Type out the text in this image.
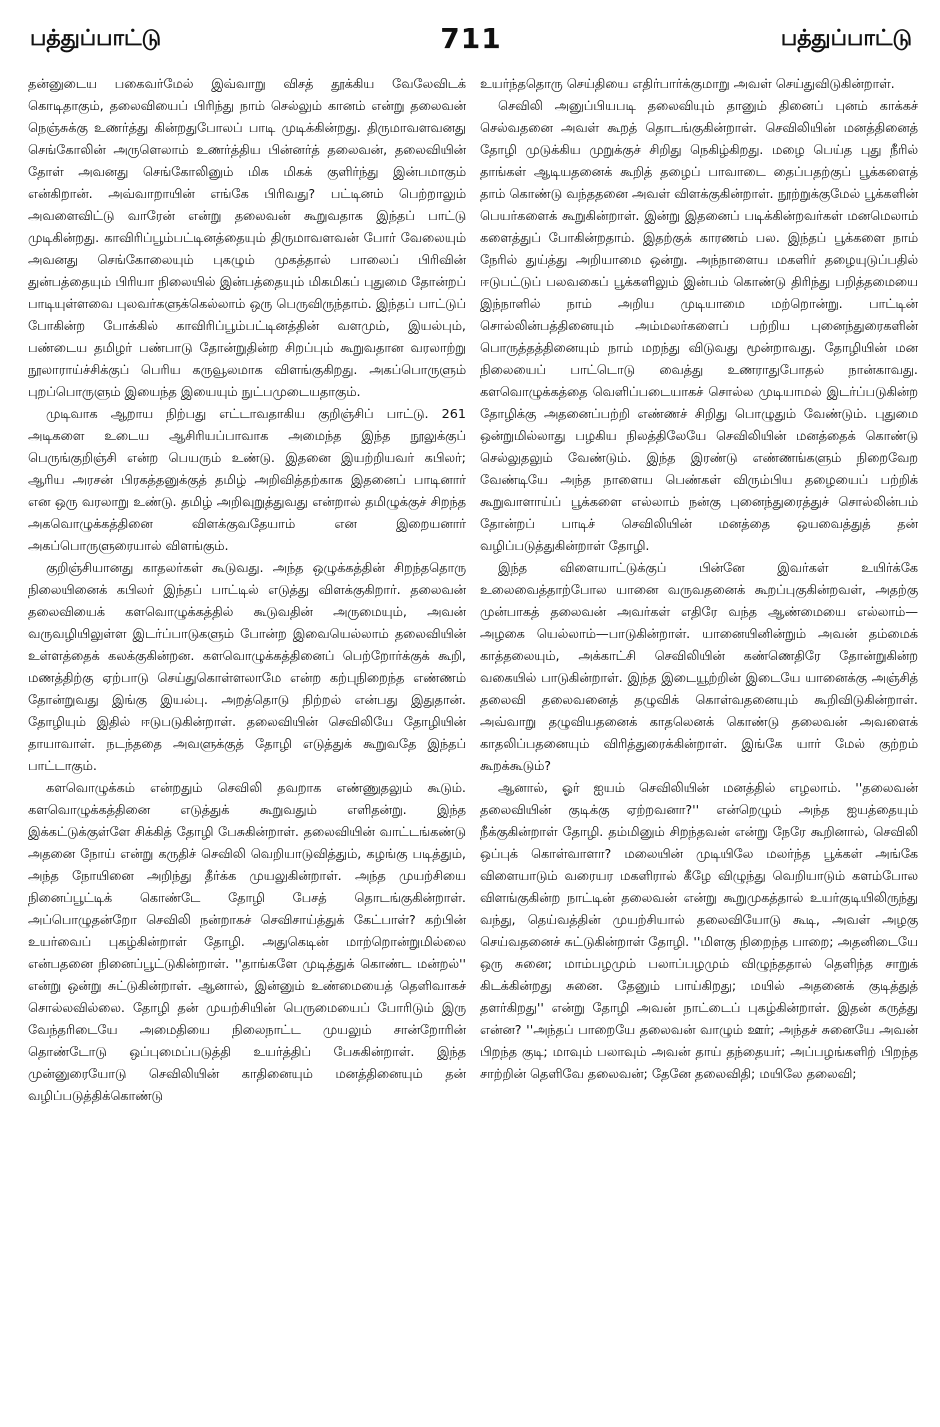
பத்துப்பாட்டு	711	பத்துப்பாட்டு

தன்னுடைய பகைவர்மேல் இவ்வாறு விசத் தூக்கிய வேலேவிடக் கொடிதாகும், தலைவியைப் பிரிந்து நாம் செல்லும் கானம் என்று தலைவன் நெஞ்சுக்கு உணர்த்து கின்றதுபோலப் பாடி முடிக்கின்றது. திருமாவளவனது செங்கோலின் அருளெலாம் உணர்த்திய பின்னர்த் தலைவன், தலைவியின் தோள் அவனது செங்கோலினும் மிக மிகக் குளிர்ந்து இன்பமாகும் என்கிறான். அவ்வாறாயின் எங்கே பிரிவது? பட்டினம் பெற்றாலும் அவளைவிட்டு வாரேன் என்று தலைவன் கூறுவதாக இந்தப் பாட்டு முடிகின்றது. காவிரிப்பூம்பட்டினத்தையும் திருமாவளவன் போர் வேலையும் அவனது செங்கோலையும் புகழும் முகத்தால் பாலைப் பிரிவின் துன்பத்தையும் பிரியா நிலையில் இன்பத்தையும் மிகமிகப் புதுமை தோன்றப் பாடியுள்ளவை புலவர்களுக்கெல்லாம் ஒரு பெருவிருந்தாம். இந்தப் பாட்டுப் போகின்ற போக்கில் காவிரிப்பூம்பட்டினத்தின் வளமும், இயல்பும், பண்டைய தமிழர் பண்பாடு தோன்றுதின்ற சிறப்பும் கூறுவதான வரலாற்று நூலாராய்ச்சிக்குப் பெரிய கருவூலமாக விளங்குகிறது. அகப்பொருளும் புறப்பொருளும் இயைந்த இயையும் நுட்பமுடையதாகும்.

முடிவாக ஆறாய நிற்பது எட்டாவதாகிய குறிஞ்சிப் பாட்டு. 261 அடிகளை உடைய ஆசிரியப்பாவாக அமைந்த இந்த நூலுக்குப் பெருங்குறிஞ்சி என்ற பெயரும் உண்டு. இதனை இயற்றியவர் கபிலர்; ஆரிய அரசன் பிரகத்தனுக்குத் தமிழ் அறிவித்தற்காக இதனைப் பாடினார் என ஒரு வரலாறு உண்டு. தமிழ் அறிவுறுத்துவது என்றால் தமிழுக்குச் சிறந்த அகவொழுக்கத்தினை விளக்குவதேயாம் என இறையனார் அகப்பொருளுரையால் விளங்கும்.

குறிஞ்சியானது காதலர்கள் கூடுவது. அந்த ஒழுக்கத்தின் சிறந்ததொரு நிலையினைக் கபிலர் இந்தப் பாட்டில் எடுத்து விளக்குகிறார். தலைவன் தலைவியைக் களவொழுக்கத்தில் கூடுவதின் அருமையும், அவன் வருவழியிலுள்ள இடர்ப்பாடுகளும் போன்ற இவையெல்லாம் தலைவியின் உள்ளத்தைக் கலக்குகின்றன. களவொழுக்கத்தினைப் பெற்றோர்க்குக் கூறி, மணத்திற்கு ஏற்பாடு செய்துகொள்ளலாமே என்ற கற்புநிறைந்த எண்ணம் தோன்றுவது இங்கு இயல்பு. அறத்தொடு நிற்றல் என்பது இதுதான். தோழியும் இதில் ஈடுபடுகின்றாள். தலைவியின் செவிலியே தோழியின் தாயாவாள். நடந்ததை அவளுக்குத் தோழி எடுத்துக் கூறுவதே இந்தப் பாட்டாகும்.

களவொழுக்கம் என்றதும் செவிலி தவறாக எண்ணுதலும் கூடும். களவொழுக்கத்தினை எடுத்துக் கூறுவதும் எளிதன்று. இந்த இக்கட்டுக்குள்ளே சிக்கித் தோழி பேசுகின்றாள். தலைவியின் வாட்டங்கண்டு அதனை நோய் என்று கருதிச் செவிலி வெறியாடுவித்தும், கழங்கு படித்தும், அந்த நோயினை அறிந்து தீர்க்க முயலுகின்றாள். அந்த முயற்சியை நினைப்பூட்டிக் கொண்டே தோழி பேசத் தொடங்குகின்றாள். அப்பொழுதன்றோ செவிலி நன்றாகச் செவிசாய்த்துக் கேட்பாள்? கற்பின் உயர்வைப் புகழ்கின்றாள் தோழி. அதுகெடின் மாற்றொன்றுமில்லை என்பதனை நினைப்பூட்டுகின்றாள். ''தாங்களே முடித்துக் கொண்ட மன்றல்'' என்று ஒன்று சுட்டுகின்றாள். ஆனால், இன்னும் உண்மையைத் தெளிவாகச் சொல்லவில்லை. தோழி தன் முயற்சியின் பெருமையைப் போரிடும் இரு வேந்தரிடையே அமைதியை நிலைநாட்ட முயலும் சான்றோரின் தொண்டோடு ஒப்புமைப்படுத்தி உயர்த்திப் பேசுகின்றாள். இந்த முன்னுரையோடு செவிலியின் காதினையும் மனத்தினையும் தன் வழிப்படுத்திக்கொண்டு

உயர்ந்ததொரு செய்தியை எதிர்பார்க்குமாறு அவள் செய்துவிடுகின்றாள்.

செவிலி அனுப்பியபடி தலைவியும் தானும் தினைப் புனம் காக்கச் செல்வதனை அவள் கூறத் தொடங்குகின்றாள். செவிலியின் மனத்தினைத் தோழி முடுக்கிய முறுக்குச் சிறிது நெகிழ்கிறது. மழை பெய்த புது நீரில் தாங்கள் ஆடியதனைக் கூறித் தழைப் பாவாடை தைப்பதற்குப் பூக்களைத் தாம் கொண்டு வந்ததனை அவள் விளக்குகின்றாள். நூற்றுக்குமேல் பூக்களின் பெயர்களைக் கூறுகின்றாள். இன்று இதனைப் படிக்கின்றவர்கள் மனமெலாம் களைத்துப் போகின்றதாம். இதற்குக் காரணம் பல. இந்தப் பூக்களை நாம் நேரில் துய்த்து அறியாமை ஒன்று. அந்நாளைய மகளிர் தழையுடுப்பதில் ஈடுபட்டுப் பலவகைப் பூக்களிலும் இன்பம் கொண்டு திரிந்து பறித்தமையை இந்நாளில் நாம் அறிய முடியாமை மற்றொன்று. பாட்டின் சொல்லின்பத்தினையும் அம்மலர்களைப் பற்றிய புனைந்துரைகளின் பொருத்தத்தினையும் நாம் மறந்து விடுவது மூன்றாவது. தோழியின் மன நிலையைப் பாட்டொடு வைத்து உணராதுபோதல் நான்காவது. களவொழுக்கத்தை வெளிப்படையாகச் சொல்ல முடியாமல் இடர்ப்படுகின்ற தோழிக்கு அதனைப்பற்றி எண்ணச் சிறிது பொழுதும் வேண்டும். புதுமை ஒன்றுமில்லாது பழகிய நிலத்திலேயே செவிலியின் மனத்தைக் கொண்டு செல்லுதலும் வேண்டும். இந்த இரண்டு எண்ணங்களும் நிறைவேற வேண்டியே அந்த நாளைய பெண்கள் விரும்பிய தழையைப் பற்றிக் கூறுவாளாய்ப் பூக்களை எல்லாம் நன்கு புனைந்துரைத்துச் சொல்லின்பம் தோன்றப் பாடிச் செவிலியின் மனத்தை ஒயவைத்துத் தன் வழிப்படுத்துகின்றாள் தோழி.

இந்த விளையாட்டுக்குப் பின்னே இவர்கள் உயிர்க்கே உலைவைத்தாற்போல யானை வருவதனைக் கூறப்புகுகின்றவள், அதற்கு முன்பாகத் தலைவன் அவர்கள் எதிரே வந்த ஆண்மையை எல்லாம்—அழகை யெல்லாம்—பாடுகின்றாள். யானையினின்றும் அவன் தம்மைக் காத்தலையும், அக்காட்சி செவிலியின் கண்ணெதிரே தோன்றுகின்ற வகையில் பாடுகின்றாள். இந்த இடையூற்றின் இடையே யானைக்கு அஞ்சித் தலைவி தலைவனைத் தழுவிக் கொள்வதனையும் கூறிவிடுகின்றாள். அவ்வாறு தழுவியதனைக் காதலெனக் கொண்டு தலைவன் அவளைக் காதலிப்பதனையும் விரித்துரைக்கின்றாள். இங்கே யார் மேல் குற்றம் கூறக்கூடும்?

ஆனால், ஓர் ஐயம் செவிலியின் மனத்தில் எழலாம். ''தலைவன் தலைவியின் குடிக்கு ஏற்றவனா?'' என்றெழும் அந்த ஐயத்தையும் நீக்குகின்றாள் தோழி. தம்மினும் சிறந்தவன் என்று நேரே கூறினால், செவிலி ஒப்புக் கொள்வாளா? மலையின் முடியிலே மலர்ந்த பூக்கள் அங்கே விளையாடும் வரையர மகளிரால் கீழே விழுந்து வெறியாடும் களம்போல விளங்குகின்ற நாட்டின் தலைவன் என்று கூறுமுகத்தால் உயர்குடியிலிருந்து வந்து, தெய்வத்தின் முயற்சியால் தலைவியோடு கூடி, அவள் அழகு செய்வதனைச் சுட்டுகின்றாள் தோழி. ''மிளகு நிறைந்த பாறை; அதனிடையே ஒரு சுனை; மாம்பழமும் பலாப்பழமும் விழுந்ததால் தெளிந்த சாறுக் கிடக்கின்றது சுனை. தேனும் பாய்கிறது; மயில் அதனைக் குடித்துத் தளர்கிறது'' என்று தோழி அவன் நாட்டைப் புகழ்கின்றாள். இதன் கருத்து என்ன? ''அந்தப் பாறையே தலைவன் வாழும் ஊர்; அந்தச் சுனையே அவன் பிறந்த குடி; மாவும் பலாவும் அவன் தாய் தந்தையர்; அப்பழங்களிற் பிறந்த சாற்றின் தெளிவே தலைவன்; தேனே தலைவிதி; மயிலே தலைவி;
